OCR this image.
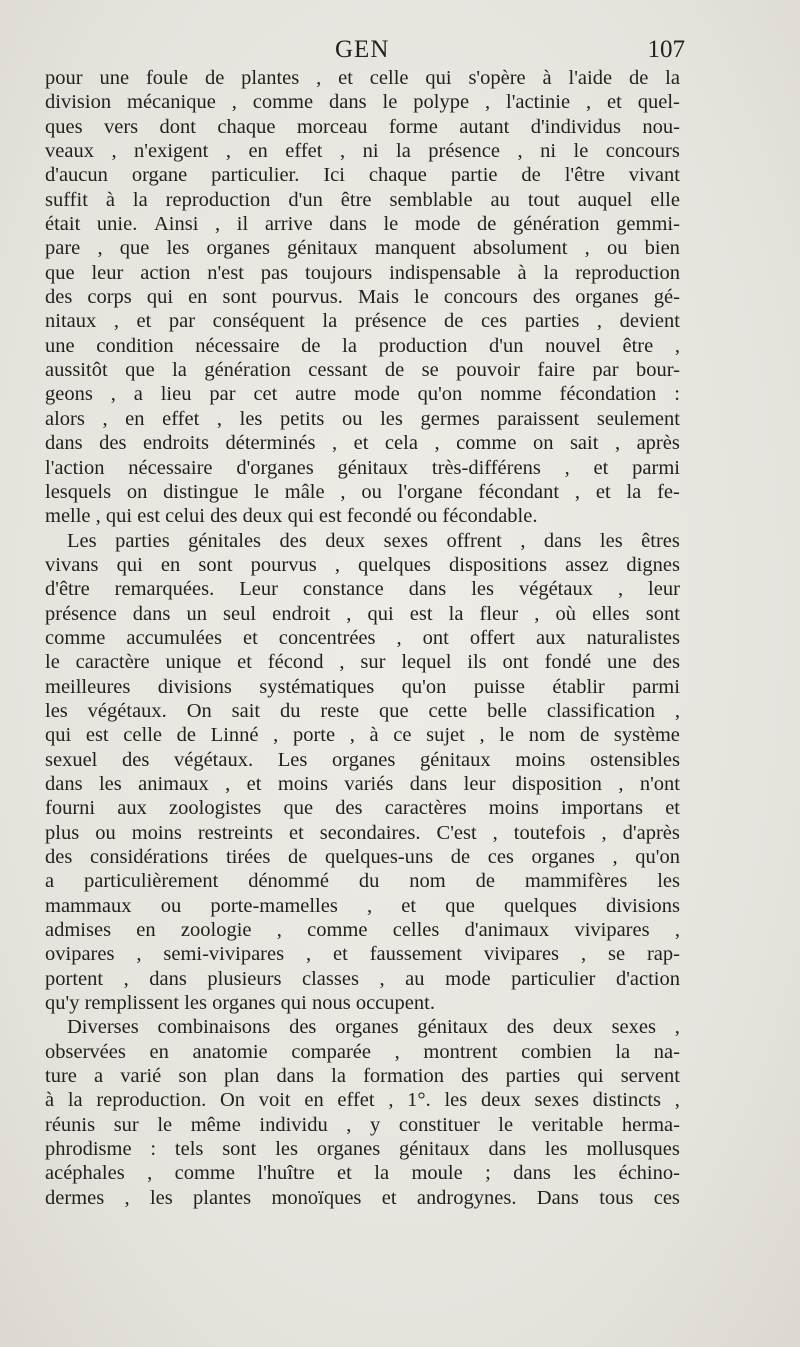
GEN	107
pour une foule de plantes , et celle qui s'opère à l'aide de la
division mécanique , comme dans le polype , l'actinie , et quel-
ques vers dont chaque morceau forme autant d'individus nou-
veaux , n'exigent , en effet , ni la présence , ni le concours
d'aucun organe particulier. Ici chaque partie de l'être vivant
suffit à la reproduction d'un être semblable au tout auquel elle
était unie. Ainsi , il arrive dans le mode de génération gemmi-
pare , que les organes génitaux manquent absolument , ou bien
que leur action n'est pas toujours indispensable à la reproduction
des corps qui en sont pourvus. Mais le concours des organes gé-
nitaux , et par conséquent la présence de ces parties , devient
une condition nécessaire de la production d'un nouvel être ,
aussitôt que la génération cessant de se pouvoir faire par bour-
geons , a lieu par cet autre mode qu'on nomme fécondation :
alors , en effet , les petits ou les germes paraissent seulement
dans des endroits déterminés , et cela , comme on sait , après
l'action nécessaire d'organes génitaux très-différens , et parmi
lesquels on distingue le mâle , ou l'organe fécondant , et la fe-
melle , qui est celui des deux qui est fecondé ou fécondable.
Les parties génitales des deux sexes offrent , dans les êtres
vivans qui en sont pourvus , quelques dispositions assez dignes
d'être remarquées. Leur constance dans les végétaux , leur
présence dans un seul endroit , qui est la fleur , où elles sont
comme accumulées et concentrées , ont offert aux naturalistes
le caractère unique et fécond , sur lequel ils ont fondé une des
meilleures divisions systématiques qu'on puisse établir parmi
les végétaux. On sait du reste que cette belle classification ,
qui est celle de Linné , porte , à ce sujet , le nom de système
sexuel des végétaux. Les organes génitaux moins ostensibles
dans les animaux , et moins variés dans leur disposition , n'ont
fourni aux zoologistes que des caractères moins importans et
plus ou moins restreints et secondaires. C'est , toutefois , d'après
des considérations tirées de quelques-uns de ces organes , qu'on
a particulièrement dénommé du nom de mammifères les
mammaux ou porte-mamelles , et que quelques divisions
admises en zoologie , comme celles d'animaux vivipares ,
ovipares , semi-vivipares , et faussement vivipares , se rap-
portent , dans plusieurs classes , au mode particulier d'action
qu'y remplissent les organes qui nous occupent.
Diverses combinaisons des organes génitaux des deux sexes ,
observées en anatomie comparée , montrent combien la na-
ture a varié son plan dans la formation des parties qui servent
à la reproduction. On voit en effet , 1°. les deux sexes distincts ,
réunis sur le même individu , y constituer le veritable herma-
phrodisme : tels sont les organes génitaux dans les mollusques
acéphales , comme l'huître et la moule ; dans les échino-
dermes , les plantes monoïques et androgynes. Dans tous ces
